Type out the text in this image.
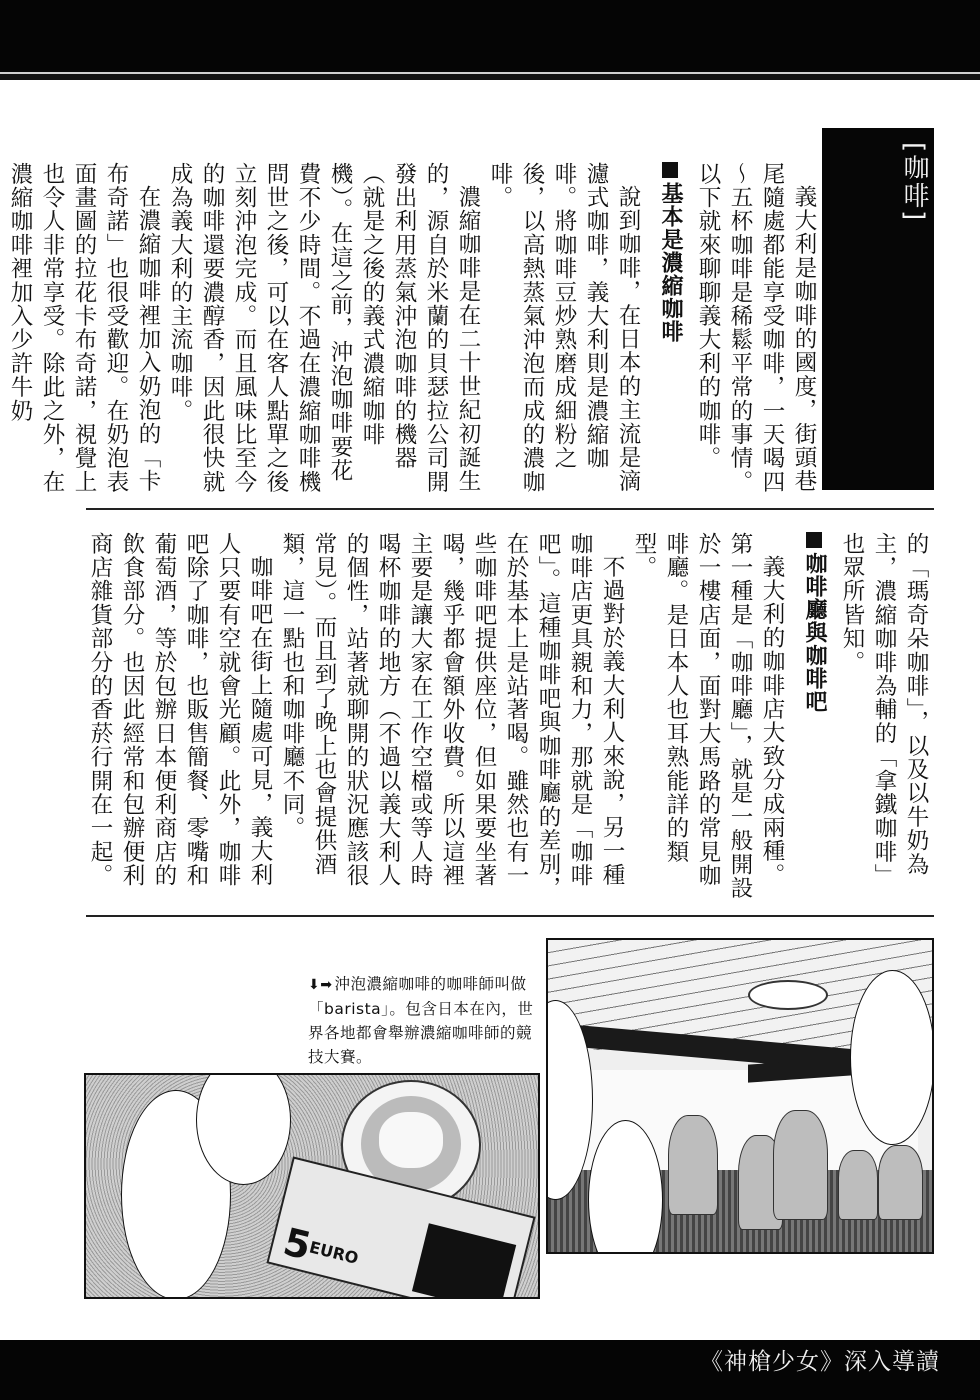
[咖啡]

義大利是咖啡的國度，街頭巷尾隨處都能享受咖啡，一天喝四～五杯咖啡是稀鬆平常的事情。以下就來聊聊義大利的咖啡。

基本是濃縮咖啡

說到咖啡，在日本的主流是滴濾式咖啡，義大利則是濃縮咖啡。將咖啡豆炒熟磨成細粉之後，以高熱蒸氣沖泡而成的濃咖啡。

濃縮咖啡是在二十世紀初誕生的，源自於米蘭的貝瑟拉公司開發出利用蒸氣沖泡咖啡的機器（就是之後的義式濃縮咖啡機）。在這之前，沖泡咖啡要花費不少時間。不過在濃縮咖啡機問世之後，可以在客人點單之後立刻沖泡完成。而且風味比至今的咖啡還要濃醇香，因此很快就成為義大利的主流咖啡。

在濃縮咖啡裡加入奶泡的「卡布奇諾」也很受歡迎。在奶泡表面畫圖的拉花卡布奇諾，視覺上也令人非常享受。除此之外，在濃縮咖啡裡加入少許牛奶

的「瑪奇朵咖啡」，以及以牛奶為主，濃縮咖啡為輔的「拿鐵咖啡」也眾所皆知。

咖啡廳與咖啡吧

義大利的咖啡店大致分成兩種。第一種是「咖啡廳」，就是一般開設於一樓店面，面對大馬路的常見咖啡廳。是日本人也耳熟能詳的類型。

不過對於義大利人來說，另一種咖啡店更具親和力，那就是「咖啡吧」。這種咖啡吧與咖啡廳的差別，在於基本上是站著喝。雖然也有一些咖啡吧提供座位，但如果要坐著喝，幾乎都會額外收費。所以這裡主要是讓大家在工作空檔或等人時喝杯咖啡的地方（不過以義大利人的個性，站著就聊開的狀況應該很常見）。而且到了晚上也會提供酒類，這一點也和咖啡廳不同。

咖啡吧在街上隨處可見，義大利人只要有空就會光顧。此外，咖啡吧除了咖啡，也販售簡餐、零嘴和葡萄酒，等於包辦日本便利商店的飲食部分。也因此經常和包辦便利商店雜貨部分的香菸行開在一起。

⬇➡ 沖泡濃縮咖啡的咖啡師叫做「barista」。包含日本在內，世界各地都會舉辦濃縮咖啡師的競技大賽。
5
EURO
《神槍少女》深入導讀
